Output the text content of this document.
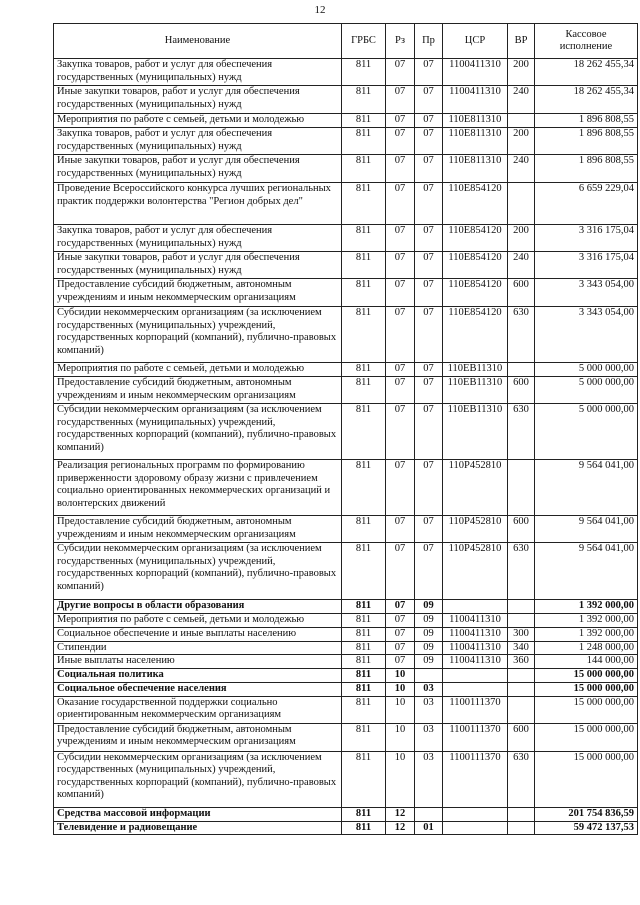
12
Наименование	ГРБС	Рз	Пр	ЦСР	ВР	Кассовое исполнение
Закупка товаров, работ и услуг для обеспечения государственных (муниципальных) нужд	811	07	07	1100411310	200	18 262 455,34
Иные закупки товаров, работ и услуг для обеспечения государственных (муниципальных) нужд	811	07	07	1100411310	240	18 262 455,34
Мероприятия по работе с семьей, детьми и молодежью	811	07	07	110E811310		1 896 808,55
Закупка товаров, работ и услуг для обеспечения государственных (муниципальных) нужд	811	07	07	110E811310	200	1 896 808,55
Иные закупки товаров, работ и услуг для обеспечения государственных (муниципальных) нужд	811	07	07	110E811310	240	1 896 808,55
Проведение Всероссийского конкурса лучших региональных практик поддержки волонтерства "Регион добрых дел"	811	07	07	110E854120		6 659 229,04
Закупка товаров, работ и услуг для обеспечения государственных (муниципальных) нужд	811	07	07	110E854120	200	3 316 175,04
Иные закупки товаров, работ и услуг для обеспечения государственных (муниципальных) нужд	811	07	07	110E854120	240	3 316 175,04
Предоставление субсидий бюджетным, автономным учреждениям и иным некоммерческим организациям	811	07	07	110E854120	600	3 343 054,00
Субсидии некоммерческим организациям (за исключением государственных (муниципальных) учреждений, государственных корпораций (компаний), публично-правовых компаний)	811	07	07	110E854120	630	3 343 054,00
Мероприятия по работе с семьей, детьми и молодежью	811	07	07	110EB11310		5 000 000,00
Предоставление субсидий бюджетным, автономным учреждениям и иным некоммерческим организациям	811	07	07	110EB11310	600	5 000 000,00
Субсидии некоммерческим организациям (за исключением государственных (муниципальных) учреждений, государственных корпораций (компаний), публично-правовых компаний)	811	07	07	110EB11310	630	5 000 000,00
Реализация региональных программ по формированию приверженности здоровому образу жизни с привлечением социально ориентированных некоммерческих организаций и волонтерских движений	811	07	07	110P452810		9 564 041,00
Предоставление субсидий бюджетным, автономным учреждениям и иным некоммерческим организациям	811	07	07	110P452810	600	9 564 041,00
Субсидии некоммерческим организациям (за исключением государственных (муниципальных) учреждений, государственных корпораций (компаний), публично-правовых компаний)	811	07	07	110P452810	630	9 564 041,00
Другие вопросы в области образования	811	07	09			1 392 000,00
Мероприятия по работе с семьей, детьми и молодежью	811	07	09	1100411310		1 392 000,00
Социальное обеспечение и иные выплаты населению	811	07	09	1100411310	300	1 392 000,00
Стипендии	811	07	09	1100411310	340	1 248 000,00
Иные выплаты населению	811	07	09	1100411310	360	144 000,00
Социальная политика	811	10				15 000 000,00
Социальное обеспечение населения	811	10	03			15 000 000,00
Оказание государственной поддержки социально ориентированным некоммерческим организациям	811	10	03	1100111370		15 000 000,00
Предоставление субсидий бюджетным, автономным учреждениям и иным некоммерческим организациям	811	10	03	1100111370	600	15 000 000,00
Субсидии некоммерческим организациям (за исключением государственных (муниципальных) учреждений, государственных корпораций (компаний), публично-правовых компаний)	811	10	03	1100111370	630	15 000 000,00
Средства массовой информации	811	12				201 754 836,59
Телевидение и радиовещание	811	12	01			59 472 137,53
